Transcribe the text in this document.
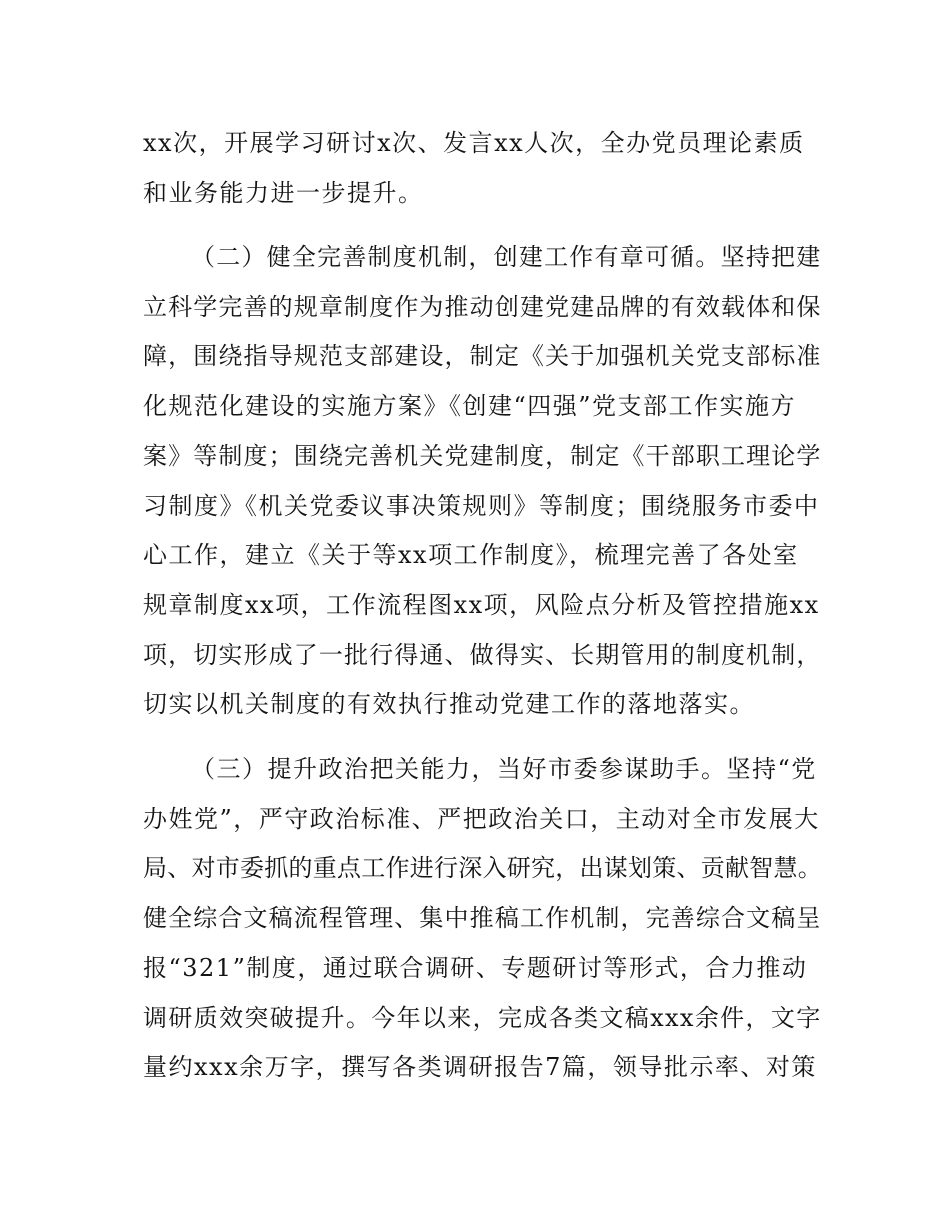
xx次，开展学习研讨x次、发言xx人次，全办党员理论素质

和业务能力进一步提升。

（二）健全完善制度机制，创建工作有章可循。坚持把建

立科学完善的规章制度作为推动创建党建品牌的有效载体和保

障，围绕指导规范支部建设，制定《关于加强机关党支部标准

化规范化建设的实施方案》《创建“四强”党支部工作实施方

案》等制度；围绕完善机关党建制度，制定《干部职工理论学

习制度》《机关党委议事决策规则》等制度；围绕服务市委中

心工作，建立《关于等xx项工作制度》，梳理完善了各处室

规章制度xx项，工作流程图xx项，风险点分析及管控措施xx

项，切实形成了一批行得通、做得实、长期管用的制度机制，

切实以机关制度的有效执行推动党建工作的落地落实。

（三）提升政治把关能力，当好市委参谋助手。坚持“党

办姓党”，严守政治标准、严把政治关口，主动对全市发展大

局、对市委抓的重点工作进行深入研究，出谋划策、贡献智慧。

健全综合文稿流程管理、集中推稿工作机制，完善综合文稿呈

报“321”制度，通过联合调研、专题研讨等形式，合力推动

调研质效突破提升。今年以来，完成各类文稿xxx余件，文字

量约xxx余万字，撰写各类调研报告7篇，领导批示率、对策
